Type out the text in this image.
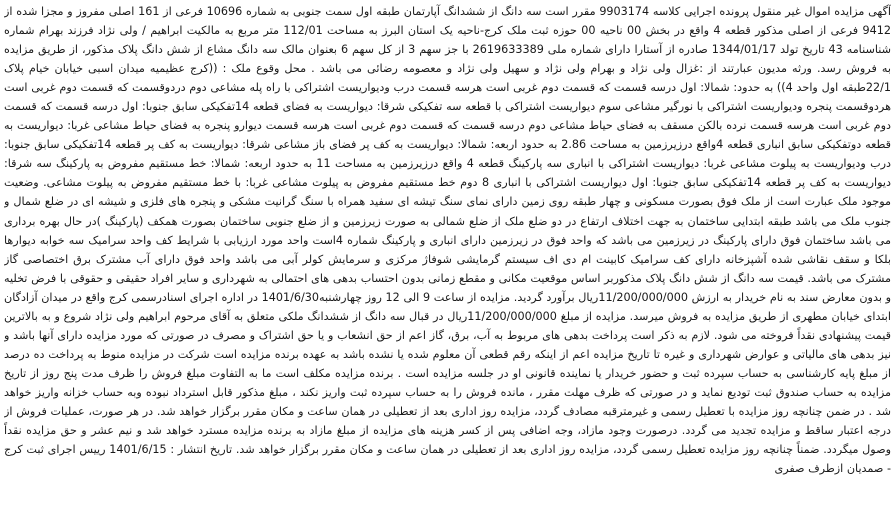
آگهی مزایده اموال غیر منقول پرونده اجرایی کلاسه 9903174 مقرر است سه دانگ از ششدانگ آپارتمان طبقه اول سمت جنوبی به شماره 10696 فرعی از 161 اصلی مفروز و مجزا شده از 9412 فرعی از اصلی مذکور قطعه 4 واقع در بخش 00 ناحیه 00 حوزه ثبت ملک کرج-ناحیه یک استان البرز به مساحت 112/01 متر مربع به مالکیت ابراهیم / ولی نژاد فرزند بهرام شماره شناسنامه 43 تاریخ تولد 1344/01/17 صادره از آستارا دارای شماره ملی 2619633389 با جز سهم 3 از کل سهم 6 بعنوان مالک سه دانگ مشاع از شش دانگ پلاک مذکور، از طریق مزایده به فروش رسد. ورثه مدیون عبارتند از :غزال ولی نژاد و بهرام ولی نژاد و سهیل ولی نژاد و معصومه رضائی می باشد . محل وقوع ملک : ((کرج عظیمیه میدان اسبی خیابان خیام پلاک 22/1طبقه اول واحد 4)) به حدود: شمالا: اول درسه قسمت که قسمت دوم غربی است هرسه قسمت درب ودیواریست اشتراکی با راه پله مشاعی دوم دردوقسمت که قسمت دوم غربی است هردوقسمت پنجره ودیواریست اشتراکی با نورگیر مشاعی سوم دیواریست اشتراکی با قطعه سه تفکیکی شرقا: دیواریست به فضای قطعه 14تفکیکی سابق جنوبا: اول درسه قسمت که قسمت دوم غربی است هرسه قسمت نرده بالکن مسقف به فضای حیاط مشاعی دوم درسه قسمت که قسمت دوم غربی است هرسه قسمت دیوارو پنجره به فضای حیاط مشاعی غربا: دیواریست به قطعه دوتفکیکی سابق انباری قطعه 4واقع درزیرزمین به مساحت 2.86 به حدود اربعه: شمالا: دیواریست به کف پر فضای باز مشاعی شرقا: دیواریست به کف پر قطعه 14تفکیکی سابق جنوبا: درب ودیواریست به پیلوت مشاعی غربا: دیواریست اشتراکی با انباری سه پارکینگ قطعه 4 واقع درزیرزمین به مساحت 11 به حدود اربعه: شمالا: خط مستقیم مفروض به پارکینگ سه شرقا: دیواریست به کف پر قطعه 14تفکیکی سابق جنوبا: اول دیواریست اشتراکی با انباری 8 دوم خط مستقیم مفروض به پیلوت مشاعی غربا: با خط مستقیم مفروض به پیلوت مشاعی. وضعیت موجود ملک عبارت است از ملک فوق بصورت مسکونی و چهار طبقه روی زمین دارای نمای سنگ تیشه ای سفید همراه با سنگ گرانیت مشکی و پنجره های فلزی و شیشه ای در ضلع شمال و جنوب ملک می باشد طبقه ابتدایی ساختمان به جهت اختلاف ارتفاع در دو ضلع ملک از ضلع شمالی به صورت زیرزمین و از ضلع جنوبی ساختمان بصورت همکف (پارکینگ )در حال بهره برداری می باشد ساختمان فوق دارای پارکینگ در زیرزمین می باشد که واحد فوق در زیرزمین دارای انباری و پارکینگ شماره 4است واحد مورد ارزیابی با شرایط کف واحد سرامیک سه خوابه دیوارها بلکا و سقف نقاشی شده آشپزخانه دارای کف سرامیک کابینت ام دی اف سیستم گرمایشی شوفاژ مرکزی و سرمایش کولر آبی می باشد واحد فوق دارای آب مشترک برق اختصاصی گاز مشترک می باشد. قیمت سه دانگ از شش دانگ پلاک مذکوربر اساس موقعیت مکانی و مقطع زمانی بدون احتساب بدهی های احتمالی به شهرداری و سایر افراد حقیقی و حقوقی با فرض تخلیه و بدون معارض سند به نام خریدار به ارزش 11/200/000/000ریال برآورد گردید. مزایده از ساعت 9 الی 12 روز چهارشنبه1401/6/30 در اداره اجرای اسنادرسمی کرج واقع در میدان آزادگان ابتدای خیابان مطهری از طریق مزایده به فروش میرسد. مزایده از مبلغ 11/200/000/000ریال در قبال سه دانگ از ششدانگ ملکی متعلق به آقای مرحوم ابراهیم ولی نژاد شروع و به بالاترین قیمت پیشنهادی نقداً فروخته می شود. لازم به ذکر است پرداخت بدهی های مربوط به آب، برق، گاز اعم از حق انشعاب و یا حق اشتراک و مصرف در صورتی که مورد مزایده دارای آنها باشد و نیز بدهی های مالیاتی و عوارض شهرداری و غیره تا تاریخ مزایده اعم از اینکه رقم قطعی آن معلوم شده یا نشده باشد به عهده برنده مزایده است شرکت در مزایده منوط به پرداخت ده درصد از مبلغ پایه کارشناسی به حساب سپرده ثبت و حضور خریدار یا نماینده قانونی او در جلسه مزایده است . برنده مزایده مکلف است ما به التفاوت مبلغ فروش را ظرف مدت پنج روز از تاریخ مزایده به حساب صندوق ثبت تودیع نماید و در صورتی که ظرف مهلت مقرر ، مانده فروش را به حساب سپرده ثبت واریز نکند ، مبلغ مذکور قابل استرداد نبوده وبه حساب خزانه واریز خواهد شد . در ضمن چنانچه روز مزایده با تعطیل رسمی و غیرمترقبه مصادف گردد، مزایده روز اداری بعد از تعطیلی در همان ساعت و مکان مقرر برگزار خواهد شد. در هر صورت، عملیات فروش از درجه اعتبار ساقط و مزایده تجدید می گردد. درصورت وجود مازاد، وجه اضافی پس از کسر هزینه های مزایده از مبلغ مازاد به برنده مزایده مسترد خواهد شد و نیم عشر و حق مزایده نقداً وصول میگردد. ضمناً چنانچه روز مزایده تعطیل رسمی گردد، مزایده روز اداری بعد از تعطیلی در همان ساعت و مکان مقرر برگزار خواهد شد. تاریخ انتشار : 1401/6/15 رییس اجرای ثبت کرج - صمدیان ازطرف صفری
